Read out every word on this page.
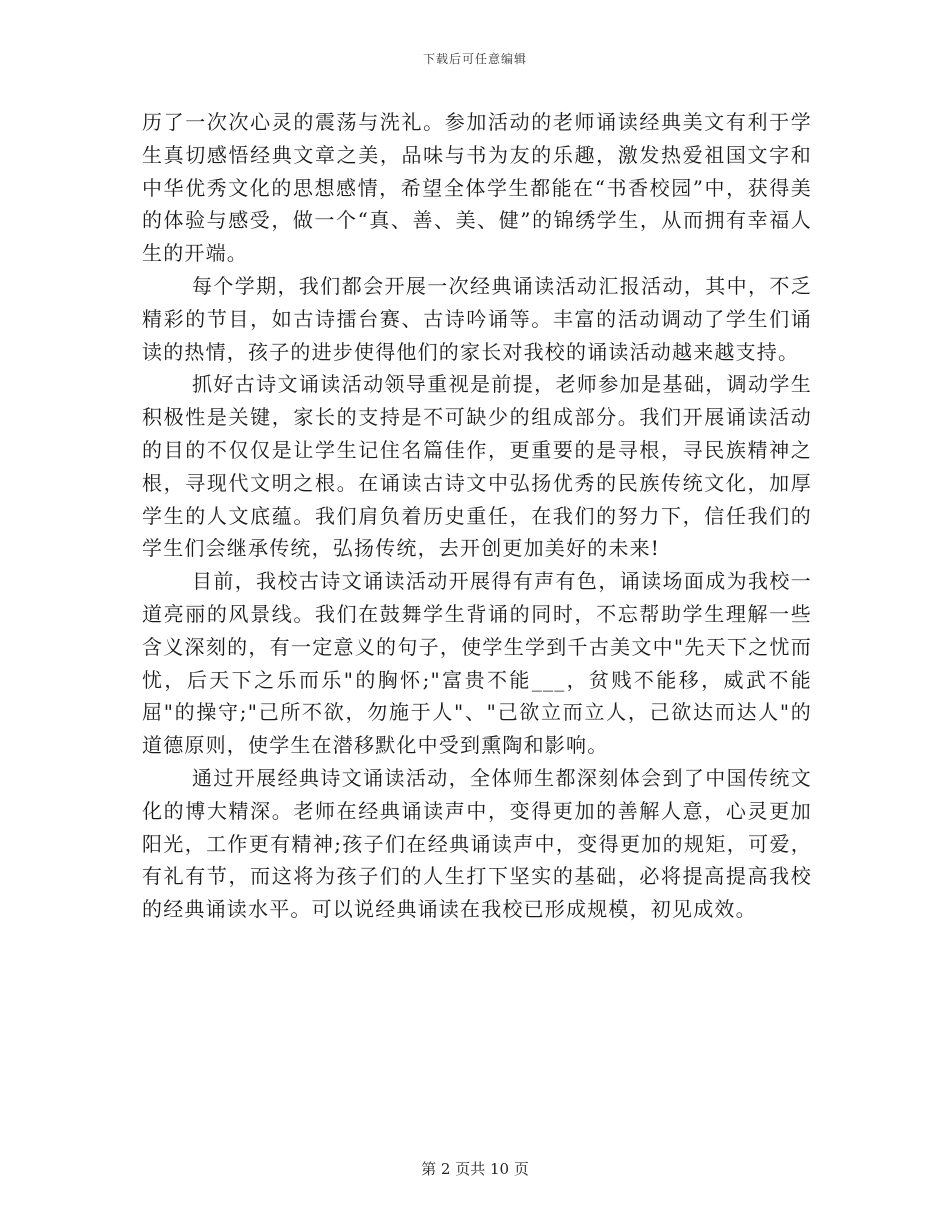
下载后可任意编辑

历了一次次心灵的震荡与洗礼。参加活动的老师诵读经典美文有利于学生真切感悟经典文章之美，品味与书为友的乐趣，激发热爱祖国文字和中华优秀文化的思想感情，希望全体学生都能在“书香校园”中，获得美的体验与感受，做一个“真、善、美、健”的锦绣学生，从而拥有幸福人生的开端。

每个学期，我们都会开展一次经典诵读活动汇报活动，其中，不乏精彩的节目，如古诗擂台赛、古诗吟诵等。丰富的活动调动了学生们诵读的热情，孩子的进步使得他们的家长对我校的诵读活动越来越支持。

抓好古诗文诵读活动领导重视是前提，老师参加是基础，调动学生积极性是关键，家长的支持是不可缺少的组成部分。我们开展诵读活动的目的不仅仅是让学生记住名篇佳作，更重要的是寻根，寻民族精神之根，寻现代文明之根。在诵读古诗文中弘扬优秀的民族传统文化，加厚学生的人文底蕴。我们肩负着历史重任，在我们的努力下，信任我们的学生们会继承传统，弘扬传统，去开创更加美好的未来!

目前，我校古诗文诵读活动开展得有声有色，诵读场面成为我校一道亮丽的风景线。我们在鼓舞学生背诵的同时，不忘帮助学生理解一些含义深刻的，有一定意义的句子，使学生学到千古美文中"先天下之忧而忧，后天下之乐而乐"的胸怀;"富贵不能___，贫贱不能移，威武不能屈"的操守;"己所不欲，勿施于人"、"己欲立而立人，己欲达而达人"的道德原则，使学生在潜移默化中受到熏陶和影响。

通过开展经典诗文诵读活动，全体师生都深刻体会到了中国传统文化的博大精深。老师在经典诵读声中，变得更加的善解人意，心灵更加阳光，工作更有精神;孩子们在经典诵读声中，变得更加的规矩，可爱，有礼有节，而这将为孩子们的人生打下坚实的基础，必将提高提高我校的经典诵读水平。可以说经典诵读在我校已形成规模，初见成效。

第 2 页共 10 页
